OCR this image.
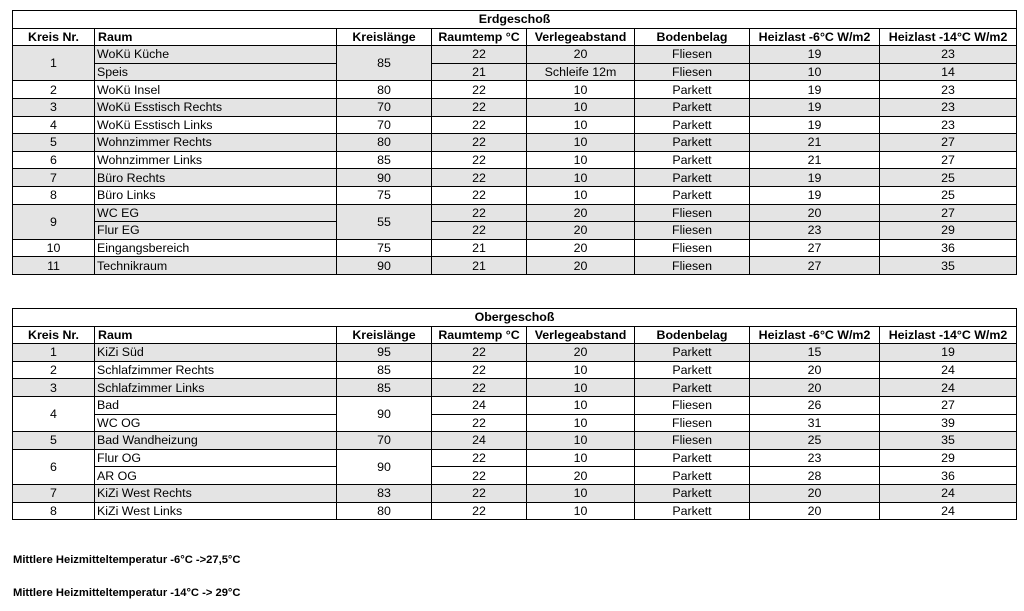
Erdgeschoß							
Kreis Nr.	Raum	Kreislänge	Raumtemp °C	Verlegeabstand	Bodenbelag	Heizlast -6°C W/m2	Heizlast -14°C W/m2
1	WoKü Küche	85	22	20	Fliesen	19	23
	Speis		21	Schleife 12m	Fliesen	10	14
2	WoKü Insel	80	22	10	Parkett	19	23
3	WoKü Esstisch Rechts	70	22	10	Parkett	19	23
4	WoKü Esstisch Links	70	22	10	Parkett	19	23
5	Wohnzimmer Rechts	80	22	10	Parkett	21	27
6	Wohnzimmer Links	85	22	10	Parkett	21	27
7	Büro Rechts	90	22	10	Parkett	19	25
8	Büro Links	75	22	10	Parkett	19	25
9	WC EG	55	22	20	Fliesen	20	27
	Flur EG		22	20	Fliesen	23	29
10	Eingangsbereich	75	21	20	Fliesen	27	36
11	Technikraum	90	21	20	Fliesen	27	35
Obergeschoß							
Kreis Nr.	Raum	Kreislänge	Raumtemp °C	Verlegeabstand	Bodenbelag	Heizlast -6°C W/m2	Heizlast -14°C W/m2
1	KiZi Süd	95	22	20	Parkett	15	19
2	Schlafzimmer Rechts	85	22	10	Parkett	20	24
3	Schlafzimmer Links	85	22	10	Parkett	20	24
4	Bad	90	24	10	Fliesen	26	27
	WC OG		22	10	Fliesen	31	39
5	Bad Wandheizung	70	24	10	Fliesen	25	35
6	Flur OG	90	22	10	Parkett	23	29
	AR OG		22	20	Parkett	28	36
7	KiZi West Rechts	83	22	10	Parkett	20	24
8	KiZi West Links	80	22	10	Parkett	20	24
Mittlere Heizmitteltemperatur -6°C ->27,5°C
Mittlere Heizmitteltemperatur -14°C -> 29°C
